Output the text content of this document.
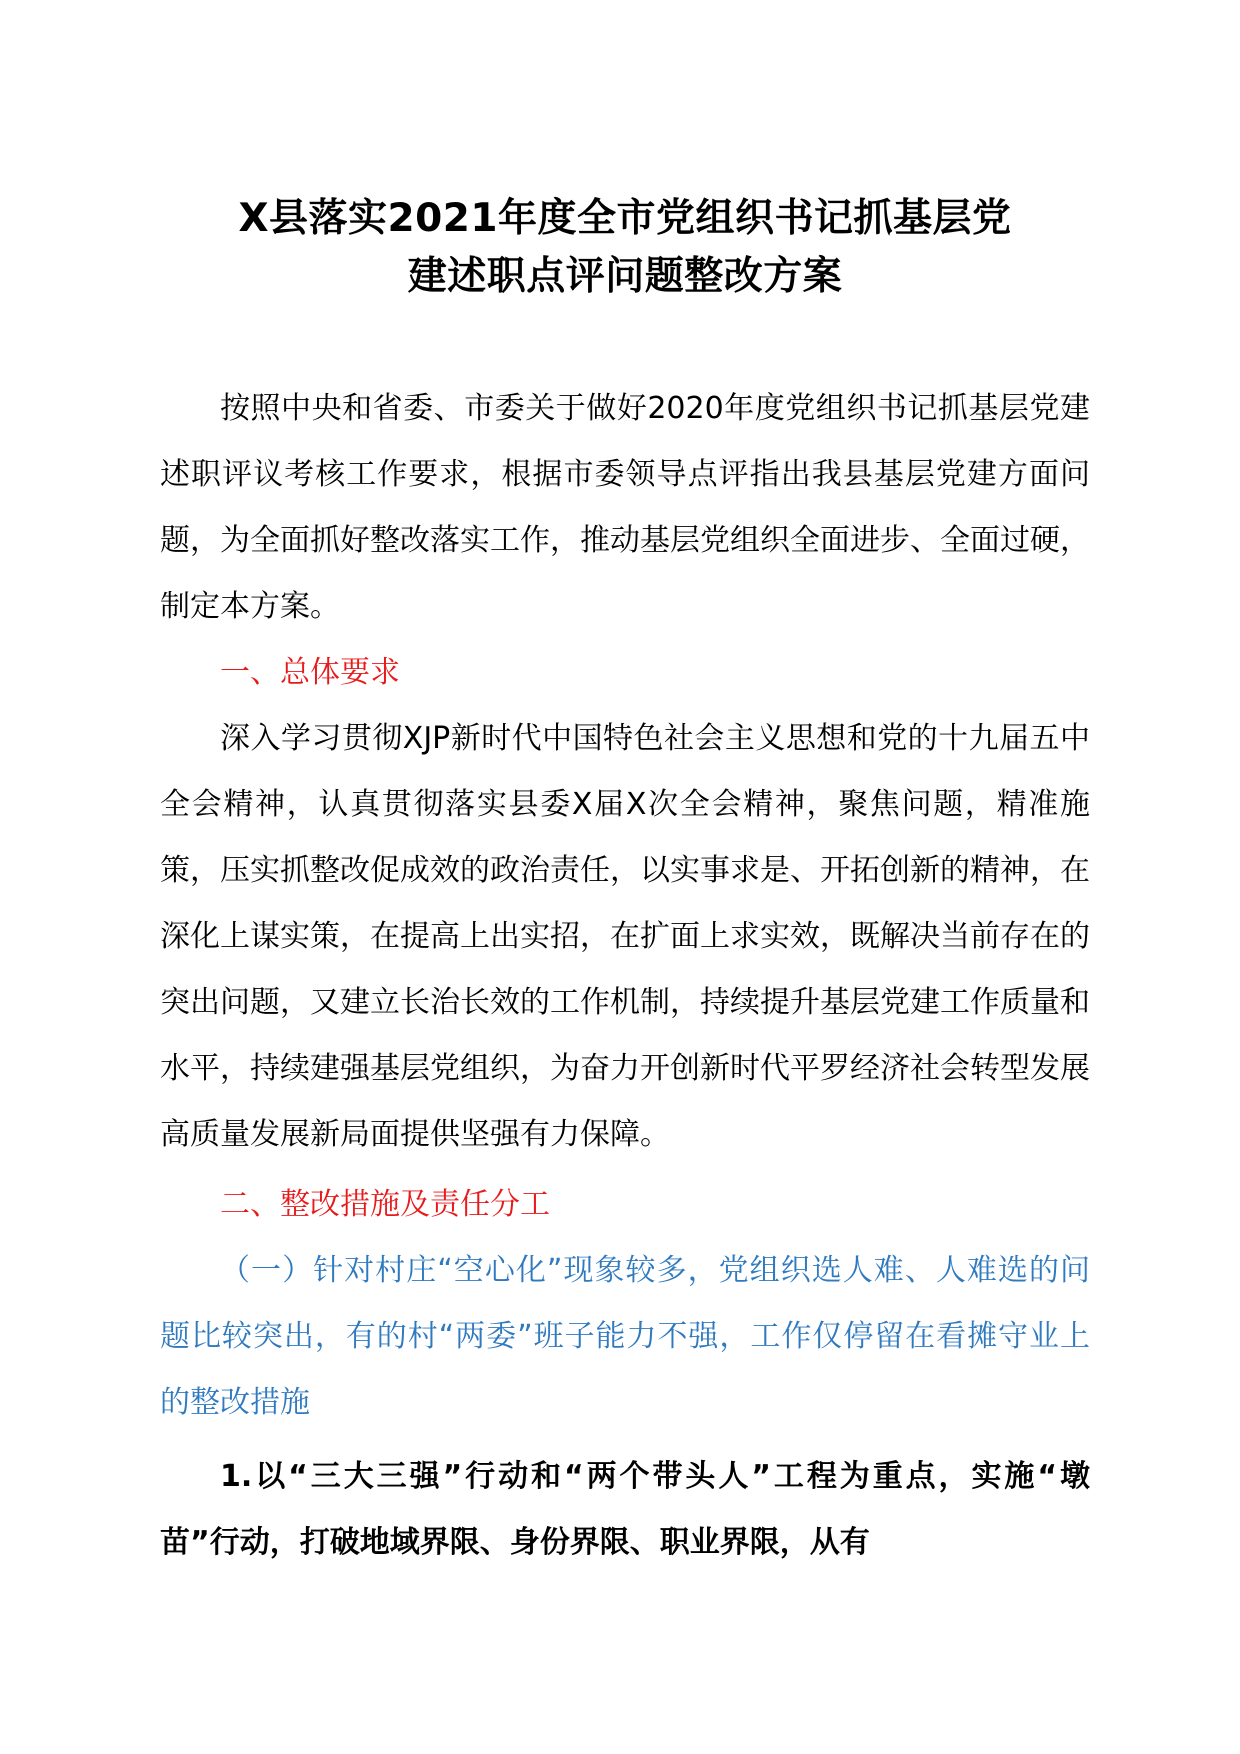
X县落实2021年度全市党组织书记抓基层党
建述职点评问题整改方案

按照中央和省委、市委关于做好2020年度党组织书记抓基层党建述职评议考核工作要求，根据市委领导点评指出我县基层党建方面问题，为全面抓好整改落实工作，推动基层党组织全面进步、全面过硬，制定本方案。

一、总体要求

深入学习贯彻XJP新时代中国特色社会主义思想和党的十九届五中全会精神，认真贯彻落实县委X届X次全会精神，聚焦问题，精准施策，压实抓整改促成效的政治责任，以实事求是、开拓创新的精神，在深化上谋实策，在提高上出实招，在扩面上求实效，既解决当前存在的突出问题，又建立长治长效的工作机制，持续提升基层党建工作质量和水平，持续建强基层党组织，为奋力开创新时代平罗经济社会转型发展高质量发展新局面提供坚强有力保障。

二、整改措施及责任分工

（一）针对村庄“空心化”现象较多，党组织选人难、人难选的问题比较突出，有的村“两委”班子能力不强，工作仅停留在看摊守业上的整改措施

1.以“三大三强”行动和“两个带头人”工程为重点，实施“墩苗”行动，打破地域界限、身份界限、职业界限，从有
